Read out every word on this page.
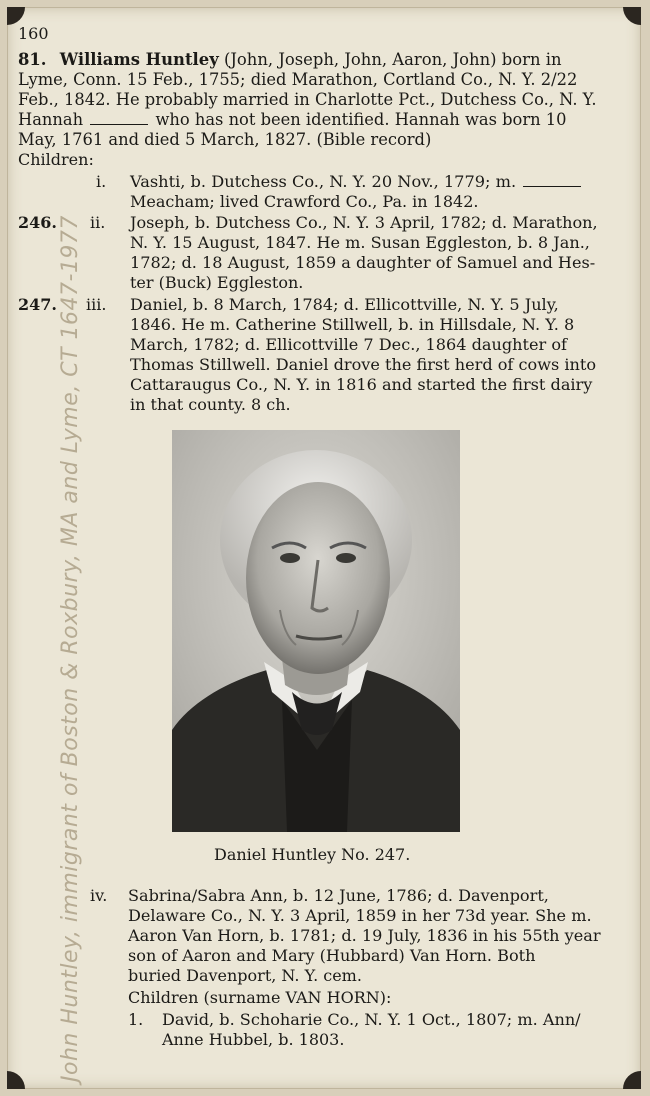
John Huntley, immigrant of Boston & Roxbury, MA and Lyme, CT 1647-1977
160
81. Williams Huntley (John, Joseph, John, Aaron, John) born in
Lyme, Conn. 15 Feb., 1755; died Marathon, Cortland Co., N. Y. 2/22
Feb., 1842. He probably married in Charlotte Pct., Dutchess Co., N. Y.
Hannah	who has not been identified. Hannah was born 10
May, 1761 and died 5 March, 1827. (Bible record)
Children:
i. Vashti, b. Dutchess Co., N. Y. 20 Nov., 1779; m.
Meacham; lived Crawford Co., Pa. in 1842.
246. ii. Joseph, b. Dutchess Co., N. Y. 3 April, 1782; d. Marathon,
N. Y. 15 August, 1847. He m. Susan Eggleston, b. 8 Jan.,
1782; d. 18 August, 1859 a daughter of Samuel and Hes-
ter (Buck) Eggleston.
247. iii. Daniel, b. 8 March, 1784; d. Ellicottville, N. Y. 5 July,
1846. He m. Catherine Stillwell, b. in Hillsdale, N. Y. 8
March, 1782; d. Ellicottville 7 Dec., 1864 daughter of
Thomas Stillwell. Daniel drove the first herd of cows into
Cattaraugus Co., N. Y. in 1816 and started the first dairy
in that county. 8 ch.
Daniel Huntley No. 247.
iv. Sabrina/Sabra Ann, b. 12 June, 1786; d. Davenport,
Delaware Co., N. Y. 3 April, 1859 in her 73d year. She m.
Aaron Van Horn, b. 1781; d. 19 July, 1836 in his 55th year
son of Aaron and Mary (Hubbard) Van Horn. Both
buried Davenport, N. Y. cem.
Children (surname VAN HORN):
1. David, b. Schoharie Co., N. Y. 1 Oct., 1807; m. Ann/
Anne Hubbel, b. 1803.
